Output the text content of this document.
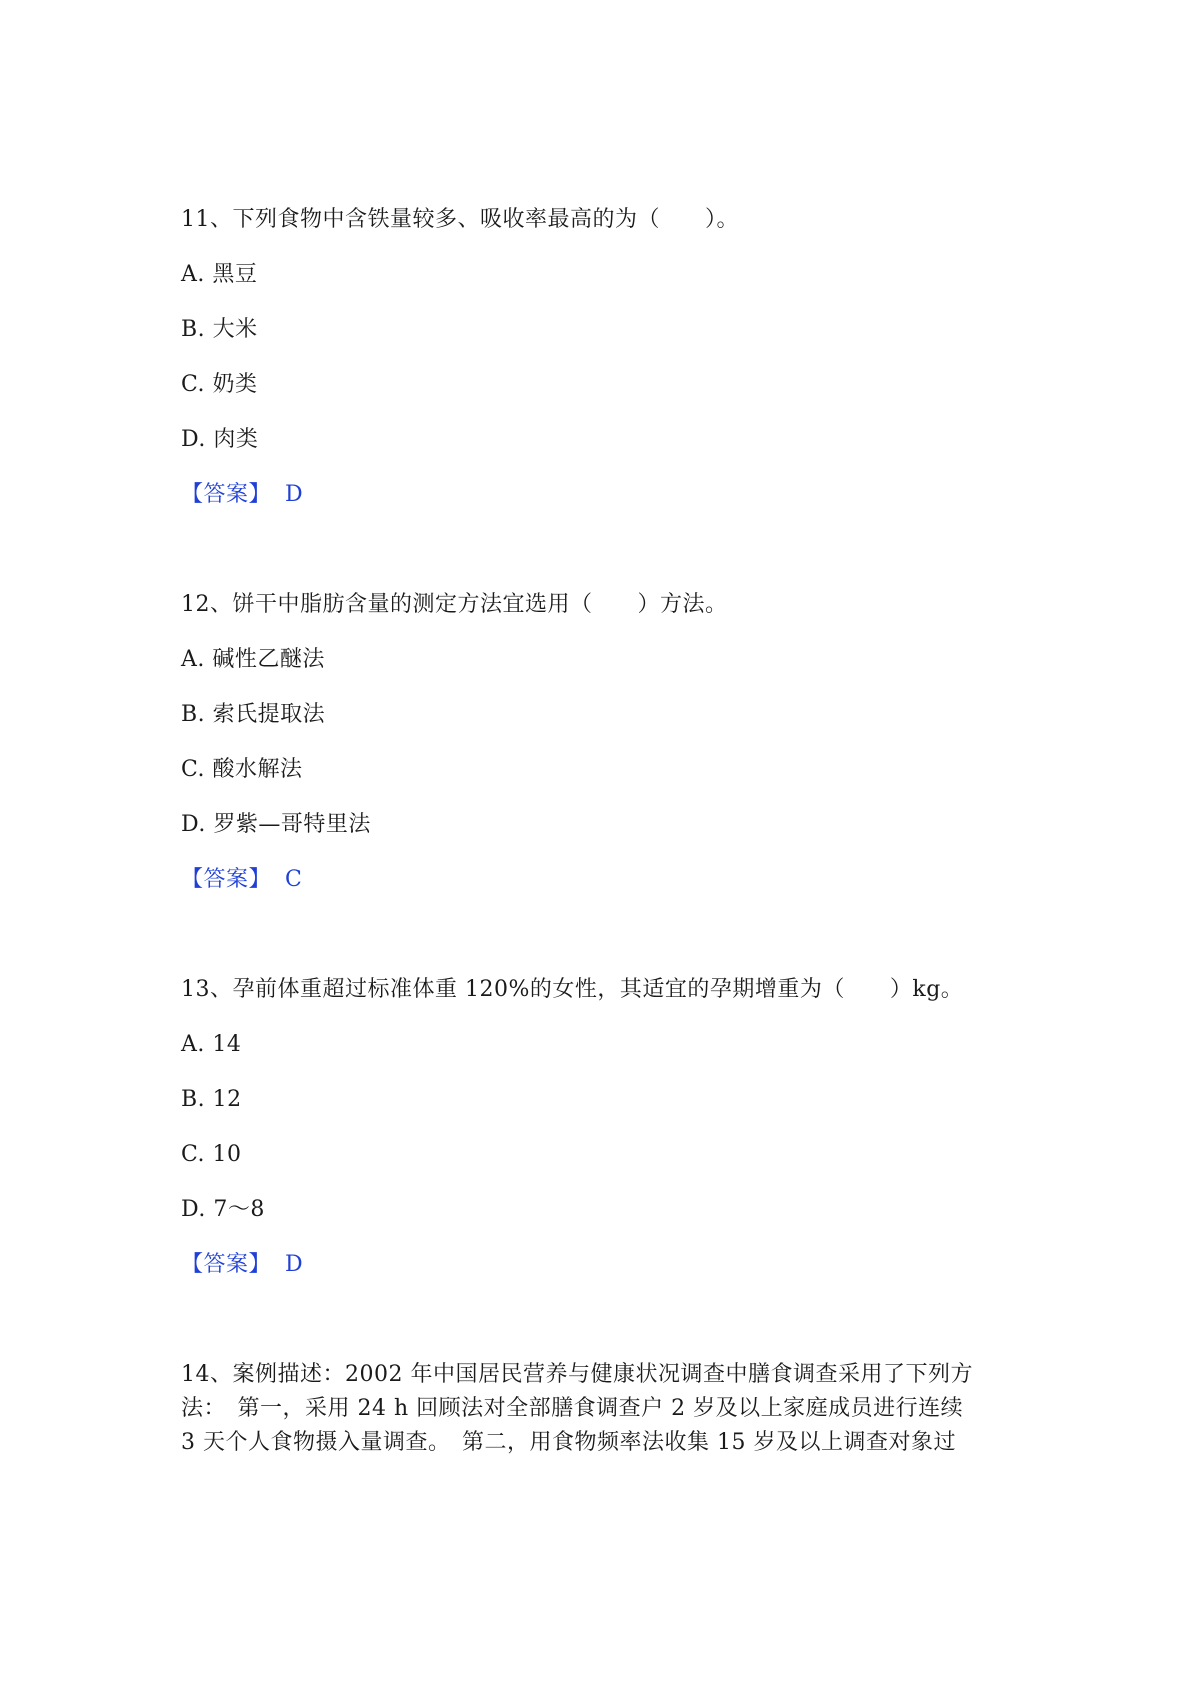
11、下列食物中含铁量较多、吸收率最高的为（　　）。
A. 黑豆
B. 大米
C. 奶类
D. 肉类
【答案】 D
12、饼干中脂肪含量的测定方法宜选用（　　）方法。
A. 碱性乙醚法
B. 索氏提取法
C. 酸水解法
D. 罗紫—哥特里法
【答案】 C
13、孕前体重超过标准体重 120%的女性，其适宜的孕期增重为（　　）kg。
A. 14
B. 12
C. 10
D. 7～8
【答案】 D
14、案例描述：2002 年中国居民营养与健康状况调查中膳食调查采用了下列方
法：　第一，采用 24 h 回顾法对全部膳食调查户 2 岁及以上家庭成员进行连续
3 天个人食物摄入量调查。　第二，用食物频率法收集 15 岁及以上调查对象过
